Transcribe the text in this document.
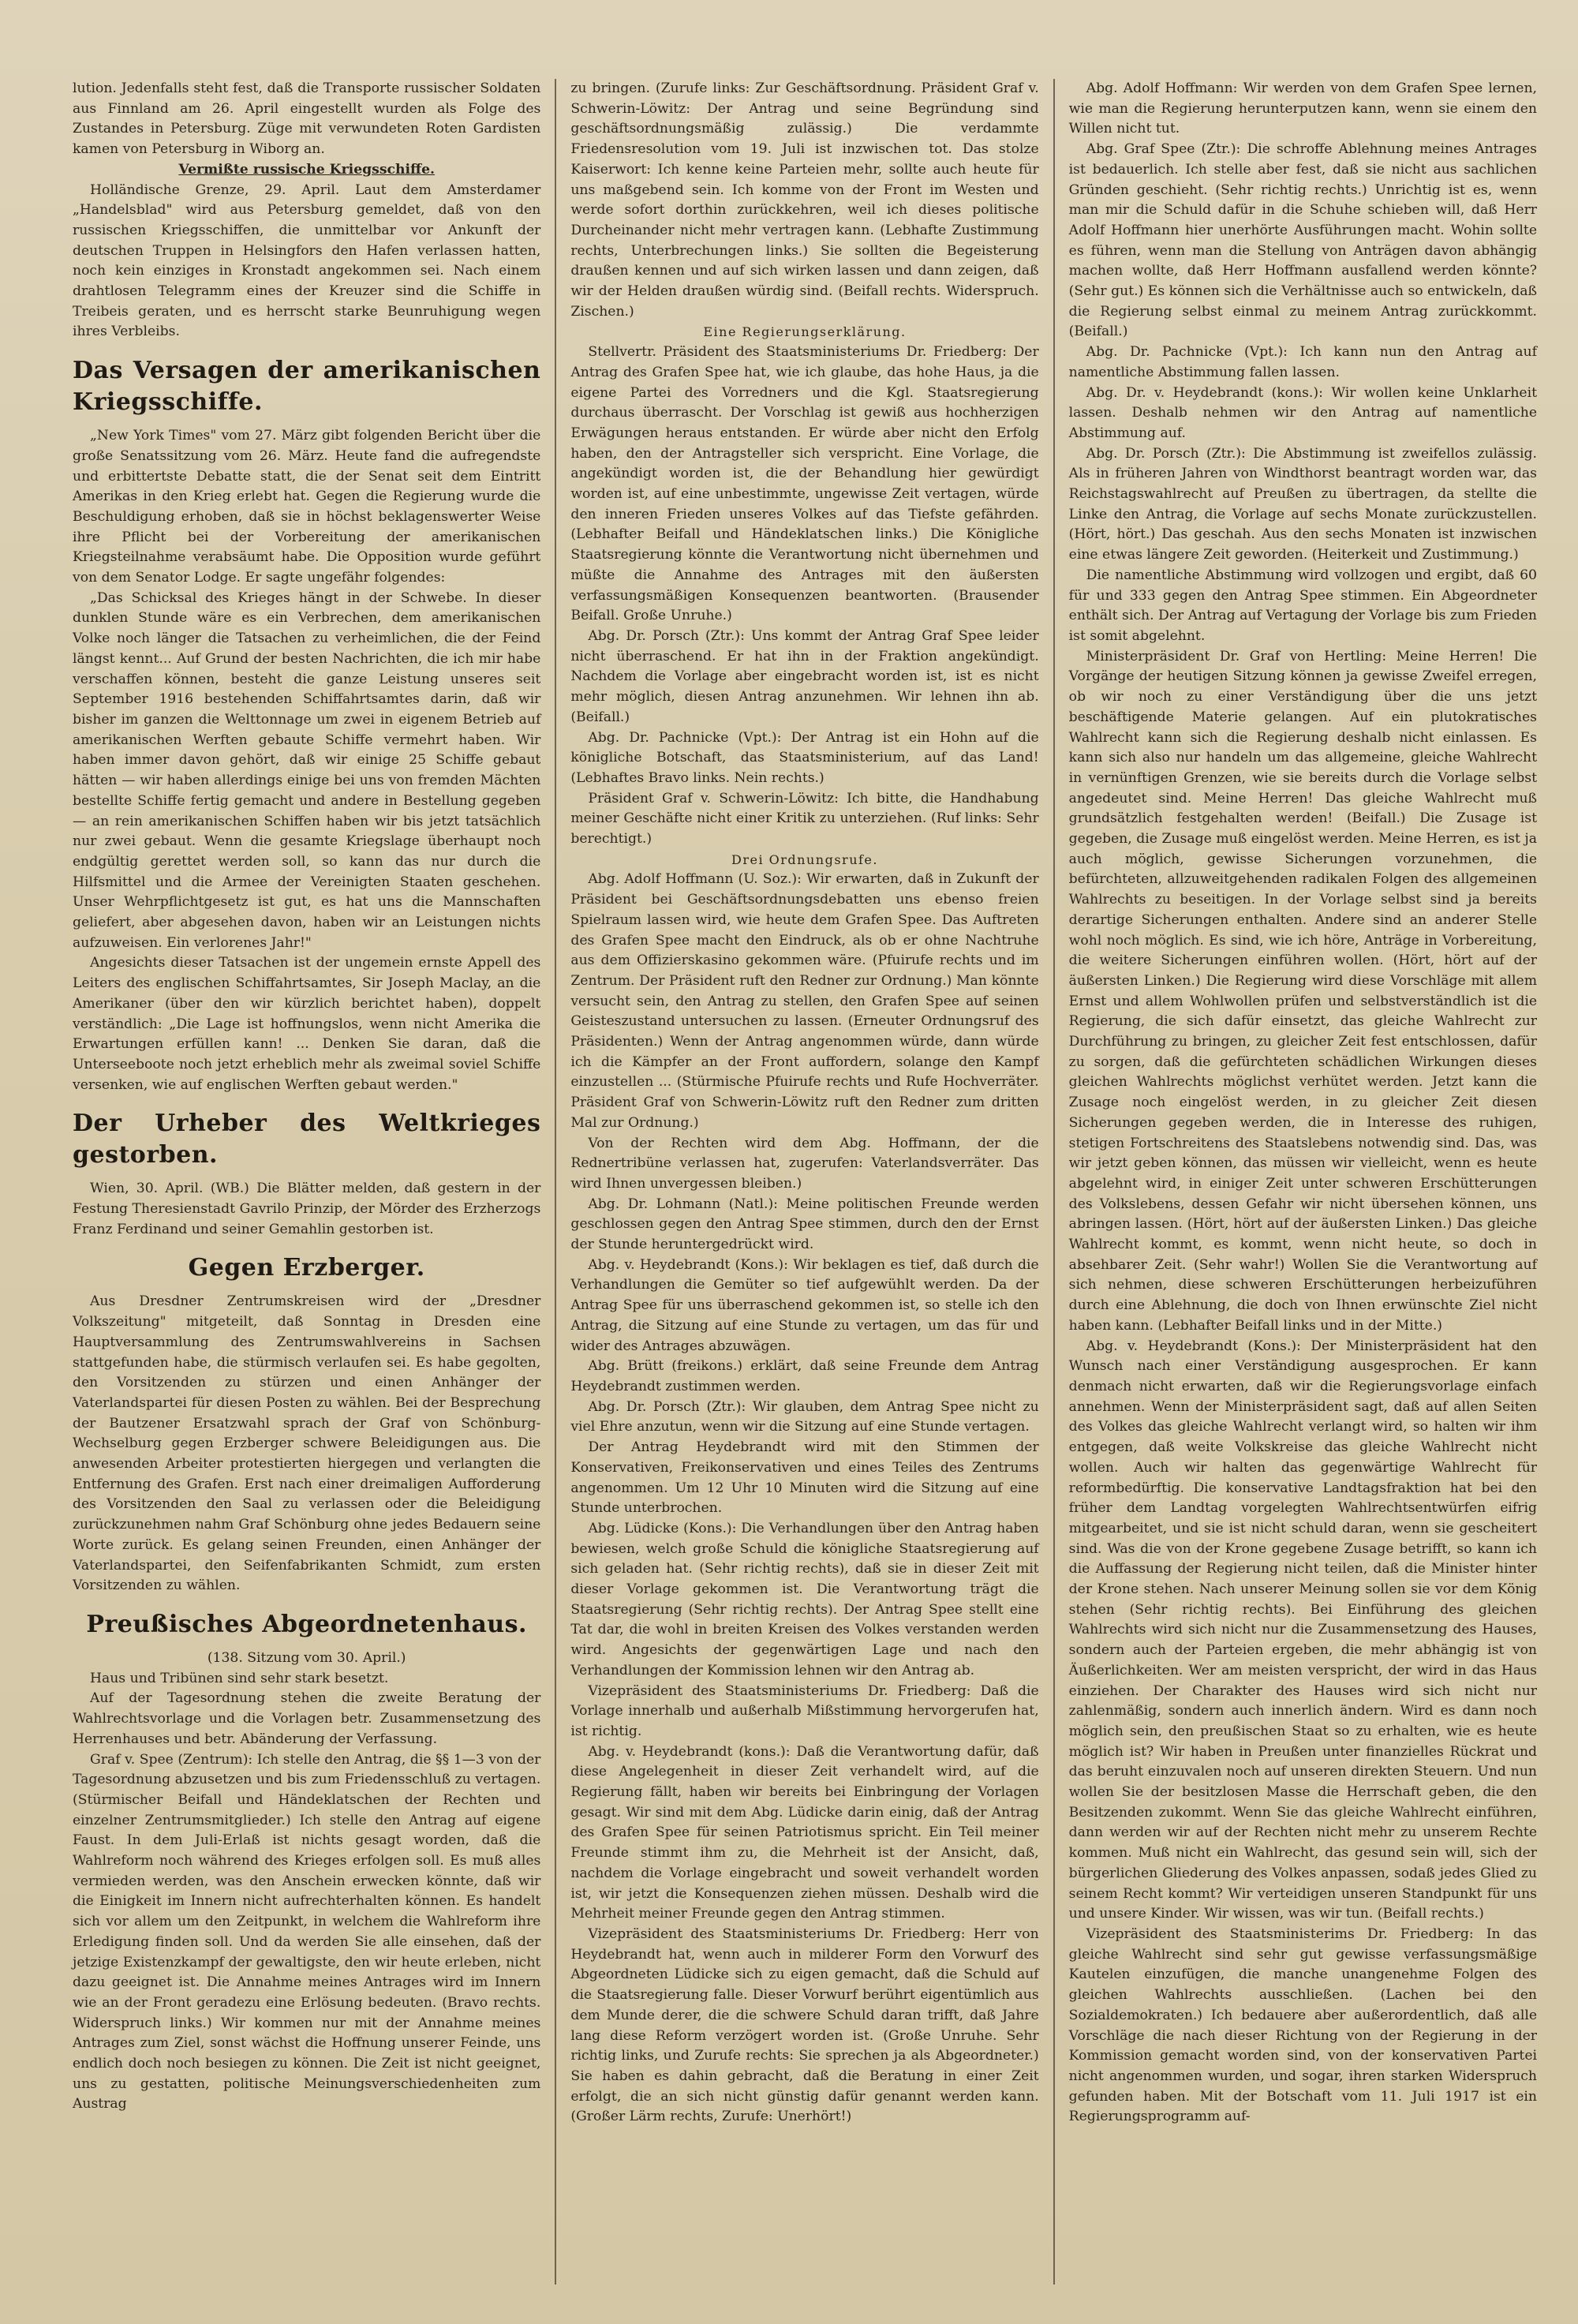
lution. Jedenfalls steht fest, daß die Transporte russischer Soldaten aus Finnland am 26. April eingestellt wurden als Folge des Zustandes in Petersburg. Züge mit verwundeten Roten Gardisten kamen von Petersburg in Wiborg an.

Vermißte russische Kriegsschiffe.

Holländische Grenze, 29. April. Laut dem Amsterdamer „Handelsblad" wird aus Petersburg gemeldet, daß von den russischen Kriegsschiffen, die unmittelbar vor Ankunft der deutschen Truppen in Helsingfors den Hafen verlassen hatten, noch kein einziges in Kronstadt angekommen sei. Nach einem drahtlosen Telegramm eines der Kreuzer sind die Schiffe in Treibeis geraten, und es herrscht starke Beunruhigung wegen ihres Verbleibs.

Das Versagen der amerikanischen Kriegsschiffe.

„New York Times" vom 27. März gibt folgenden Bericht über die große Senatssitzung vom 26. März. Heute fand die aufregendste und erbittertste Debatte statt, die der Senat seit dem Eintritt Amerikas in den Krieg erlebt hat. Gegen die Regierung wurde die Beschuldigung erhoben, daß sie in höchst beklagenswerter Weise ihre Pflicht bei der Vorbereitung der amerikanischen Kriegsteilnahme verabsäumt habe. Die Opposition wurde geführt von dem Senator Lodge. Er sagte ungefähr folgendes:

„Das Schicksal des Krieges hängt in der Schwebe. In dieser dunklen Stunde wäre es ein Verbrechen, dem amerikanischen Volke noch länger die Tatsachen zu verheimlichen, die der Feind längst kennt... Auf Grund der besten Nachrichten, die ich mir habe verschaffen können, besteht die ganze Leistung unseres seit September 1916 bestehenden Schiffahrtsamtes darin, daß wir bisher im ganzen die Welttonnage um zwei in eigenem Betrieb auf amerikanischen Werften gebaute Schiffe vermehrt haben. Wir haben immer davon gehört, daß wir einige 25 Schiffe gebaut hätten — wir haben allerdings einige bei uns von fremden Mächten bestellte Schiffe fertig gemacht und andere in Bestellung gegeben — an rein amerikanischen Schiffen haben wir bis jetzt tatsächlich nur zwei gebaut. Wenn die gesamte Kriegslage überhaupt noch endgültig gerettet werden soll, so kann das nur durch die Hilfsmittel und die Armee der Vereinigten Staaten geschehen. Unser Wehrpflichtgesetz ist gut, es hat uns die Mannschaften geliefert, aber abgesehen davon, haben wir an Leistungen nichts aufzuweisen. Ein verlorenes Jahr!"

Angesichts dieser Tatsachen ist der ungemein ernste Appell des Leiters des englischen Schiffahrtsamtes, Sir Joseph Maclay, an die Amerikaner (über den wir kürzlich berichtet haben), doppelt verständlich: „Die Lage ist hoffnungslos, wenn nicht Amerika die Erwartungen erfüllen kann! ... Denken Sie daran, daß die Unterseeboote noch jetzt erheblich mehr als zweimal soviel Schiffe versenken, wie auf englischen Werften gebaut werden."

Der Urheber des Weltkrieges gestorben.

Wien, 30. April. (WB.) Die Blätter melden, daß gestern in der Festung Theresienstadt Gavrilo Prinzip, der Mörder des Erzherzogs Franz Ferdinand und seiner Gemahlin gestorben ist.

Gegen Erzberger.

Aus Dresdner Zentrumskreisen wird der „Dresdner Volkszeitung" mitgeteilt, daß Sonntag in Dresden eine Hauptversammlung des Zentrumswahlvereins in Sachsen stattgefunden habe, die stürmisch verlaufen sei. Es habe gegolten, den Vorsitzenden zu stürzen und einen Anhänger der Vaterlandspartei für diesen Posten zu wählen. Bei der Besprechung der Bautzener Ersatzwahl sprach der Graf von Schönburg-Wechselburg gegen Erzberger schwere Beleidigungen aus. Die anwesenden Arbeiter protestierten hiergegen und verlangten die Entfernung des Grafen. Erst nach einer dreimaligen Aufforderung des Vorsitzenden den Saal zu verlassen oder die Beleidigung zurückzunehmen nahm Graf Schönburg ohne jedes Bedauern seine Worte zurück. Es gelang seinen Freunden, einen Anhänger der Vaterlandspartei, den Seifenfabrikanten Schmidt, zum ersten Vorsitzenden zu wählen.

Preußisches Abgeordnetenhaus.

(138. Sitzung vom 30. April.)

Haus und Tribünen sind sehr stark besetzt.

Auf der Tagesordnung stehen die zweite Beratung der Wahlrechtsvorlage und die Vorlagen betr. Zusammensetzung des Herrenhauses und betr. Abänderung der Verfassung.

Graf v. Spee (Zentrum): Ich stelle den Antrag, die §§ 1—3 von der Tagesordnung abzusetzen und bis zum Friedensschluß zu vertagen. (Stürmischer Beifall und Händeklatschen der Rechten und einzelner Zentrumsmitglieder.) Ich stelle den Antrag auf eigene Faust. In dem Juli-Erlaß ist nichts gesagt worden, daß die Wahlreform noch während des Krieges erfolgen soll. Es muß alles vermieden werden, was den Anschein erwecken könnte, daß wir die Einigkeit im Innern nicht aufrechterhalten können. Es handelt sich vor allem um den Zeitpunkt, in welchem die Wahlreform ihre Erledigung finden soll. Und da werden Sie alle einsehen, daß der jetzige Existenzkampf der gewaltigste, den wir heute erleben, nicht dazu geeignet ist. Die Annahme meines Antrages wird im Innern wie an der Front geradezu eine Erlösung bedeuten. (Bravo rechts. Widerspruch links.) Wir kommen nur mit der Annahme meines Antrages zum Ziel, sonst wächst die Hoffnung unserer Feinde, uns endlich doch noch besiegen zu können. Die Zeit ist nicht geeignet, uns zu gestatten, politische Meinungsverschiedenheiten zum Austrag

zu bringen. (Zurufe links: Zur Geschäftsordnung. Präsident Graf v. Schwerin-Löwitz: Der Antrag und seine Begründung sind geschäftsordnungsmäßig zulässig.) Die verdammte Friedensresolution vom 19. Juli ist inzwischen tot. Das stolze Kaiserwort: Ich kenne keine Parteien mehr, sollte auch heute für uns maßgebend sein. Ich komme von der Front im Westen und werde sofort dorthin zurückkehren, weil ich dieses politische Durcheinander nicht mehr vertragen kann. (Lebhafte Zustimmung rechts, Unterbrechungen links.) Sie sollten die Begeisterung draußen kennen und auf sich wirken lassen und dann zeigen, daß wir der Helden draußen würdig sind. (Beifall rechts. Widerspruch. Zischen.)

Eine Regierungserklärung.

Stellvertr. Präsident des Staatsministeriums Dr. Friedberg: Der Antrag des Grafen Spee hat, wie ich glaube, das hohe Haus, ja die eigene Partei des Vorredners und die Kgl. Staatsregierung durchaus überrascht. Der Vorschlag ist gewiß aus hochherzigen Erwägungen heraus entstanden. Er würde aber nicht den Erfolg haben, den der Antragsteller sich verspricht. Eine Vorlage, die angekündigt worden ist, die der Behandlung hier gewürdigt worden ist, auf eine unbestimmte, ungewisse Zeit vertagen, würde den inneren Frieden unseres Volkes auf das Tiefste gefährden. (Lebhafter Beifall und Händeklatschen links.) Die Königliche Staatsregierung könnte die Verantwortung nicht übernehmen und müßte die Annahme des Antrages mit den äußersten verfassungsmäßigen Konsequenzen beantworten. (Brausender Beifall. Große Unruhe.)

Abg. Dr. Porsch (Ztr.): Uns kommt der Antrag Graf Spee leider nicht überraschend. Er hat ihn in der Fraktion angekündigt. Nachdem die Vorlage aber eingebracht worden ist, ist es nicht mehr möglich, diesen Antrag anzunehmen. Wir lehnen ihn ab. (Beifall.)

Abg. Dr. Pachnicke (Vpt.): Der Antrag ist ein Hohn auf die königliche Botschaft, das Staatsministerium, auf das Land! (Lebhaftes Bravo links. Nein rechts.)

Präsident Graf v. Schwerin-Löwitz: Ich bitte, die Handhabung meiner Geschäfte nicht einer Kritik zu unterziehen. (Ruf links: Sehr berechtigt.)

Drei Ordnungsrufe.

Abg. Adolf Hoffmann (U. Soz.): Wir erwarten, daß in Zukunft der Präsident bei Geschäftsordnungsdebatten uns ebenso freien Spielraum lassen wird, wie heute dem Grafen Spee. Das Auftreten des Grafen Spee macht den Eindruck, als ob er ohne Nachtruhe aus dem Offizierskasino gekommen wäre. (Pfuirufe rechts und im Zentrum. Der Präsident ruft den Redner zur Ordnung.) Man könnte versucht sein, den Antrag zu stellen, den Grafen Spee auf seinen Geisteszustand untersuchen zu lassen. (Erneuter Ordnungsruf des Präsidenten.) Wenn der Antrag angenommen würde, dann würde ich die Kämpfer an der Front auffordern, solange den Kampf einzustellen ... (Stürmische Pfuirufe rechts und Rufe Hochverräter. Präsident Graf von Schwerin-Löwitz ruft den Redner zum dritten Mal zur Ordnung.)

Von der Rechten wird dem Abg. Hoffmann, der die Rednertribüne verlassen hat, zugerufen: Vaterlandsverräter. Das wird Ihnen unvergessen bleiben.)

Abg. Dr. Lohmann (Natl.): Meine politischen Freunde werden geschlossen gegen den Antrag Spee stimmen, durch den der Ernst der Stunde heruntergedrückt wird.

Abg. v. Heydebrandt (Kons.): Wir beklagen es tief, daß durch die Verhandlungen die Gemüter so tief aufgewühlt werden. Da der Antrag Spee für uns überraschend gekommen ist, so stelle ich den Antrag, die Sitzung auf eine Stunde zu vertagen, um das für und wider des Antrages abzuwägen.

Abg. Brütt (freikons.) erklärt, daß seine Freunde dem Antrag Heydebrandt zustimmen werden.

Abg. Dr. Porsch (Ztr.): Wir glauben, dem Antrag Spee nicht zu viel Ehre anzutun, wenn wir die Sitzung auf eine Stunde vertagen.

Der Antrag Heydebrandt wird mit den Stimmen der Konservativen, Freikonservativen und eines Teiles des Zentrums angenommen. Um 12 Uhr 10 Minuten wird die Sitzung auf eine Stunde unterbrochen.

Abg. Lüdicke (Kons.): Die Verhandlungen über den Antrag haben bewiesen, welch große Schuld die königliche Staatsregierung auf sich geladen hat. (Sehr richtig rechts), daß sie in dieser Zeit mit dieser Vorlage gekommen ist. Die Verantwortung trägt die Staatsregierung (Sehr richtig rechts). Der Antrag Spee stellt eine Tat dar, die wohl in breiten Kreisen des Volkes verstanden werden wird. Angesichts der gegenwärtigen Lage und nach den Verhandlungen der Kommission lehnen wir den Antrag ab.

Vizepräsident des Staatsministeriums Dr. Friedberg: Daß die Vorlage innerhalb und außerhalb Mißstimmung hervorgerufen hat, ist richtig.

Abg. v. Heydebrandt (kons.): Daß die Verantwortung dafür, daß diese Angelegenheit in dieser Zeit verhandelt wird, auf die Regierung fällt, haben wir bereits bei Einbringung der Vorlagen gesagt. Wir sind mit dem Abg. Lüdicke darin einig, daß der Antrag des Grafen Spee für seinen Patriotismus spricht. Ein Teil meiner Freunde stimmt ihm zu, die Mehrheit ist der Ansicht, daß, nachdem die Vorlage eingebracht und soweit verhandelt worden ist, wir jetzt die Konsequenzen ziehen müssen. Deshalb wird die Mehrheit meiner Freunde gegen den Antrag stimmen.

Vizepräsident des Staatsministeriums Dr. Friedberg: Herr von Heydebrandt hat, wenn auch in milderer Form den Vorwurf des Abgeordneten Lüdicke sich zu eigen gemacht, daß die Schuld auf die Staatsregierung falle. Dieser Vorwurf berührt eigentümlich aus dem Munde derer, die die schwere Schuld daran trifft, daß Jahre lang diese Reform verzögert worden ist. (Große Unruhe. Sehr richtig links, und Zurufe rechts: Sie sprechen ja als Abgeordneter.) Sie haben es dahin gebracht, daß die Beratung in einer Zeit erfolgt, die an sich nicht günstig dafür genannt werden kann. (Großer Lärm rechts, Zurufe: Unerhört!)

Abg. Adolf Hoffmann: Wir werden von dem Grafen Spee lernen, wie man die Regierung herunterputzen kann, wenn sie einem den Willen nicht tut.

Abg. Graf Spee (Ztr.): Die schroffe Ablehnung meines Antrages ist bedauerlich. Ich stelle aber fest, daß sie nicht aus sachlichen Gründen geschieht. (Sehr richtig rechts.) Unrichtig ist es, wenn man mir die Schuld dafür in die Schuhe schieben will, daß Herr Adolf Hoffmann hier unerhörte Ausführungen macht. Wohin sollte es führen, wenn man die Stellung von Anträgen davon abhängig machen wollte, daß Herr Hoffmann ausfallend werden könnte? (Sehr gut.) Es können sich die Verhältnisse auch so entwickeln, daß die Regierung selbst einmal zu meinem Antrag zurückkommt. (Beifall.)

Abg. Dr. Pachnicke (Vpt.): Ich kann nun den Antrag auf namentliche Abstimmung fallen lassen.

Abg. Dr. v. Heydebrandt (kons.): Wir wollen keine Unklarheit lassen. Deshalb nehmen wir den Antrag auf namentliche Abstimmung auf.

Abg. Dr. Porsch (Ztr.): Die Abstimmung ist zweifellos zulässig. Als in früheren Jahren von Windthorst beantragt worden war, das Reichstagswahlrecht auf Preußen zu übertragen, da stellte die Linke den Antrag, die Vorlage auf sechs Monate zurückzustellen. (Hört, hört.) Das geschah. Aus den sechs Monaten ist inzwischen eine etwas längere Zeit geworden. (Heiterkeit und Zustimmung.)

Die namentliche Abstimmung wird vollzogen und ergibt, daß 60 für und 333 gegen den Antrag Spee stimmen. Ein Abgeordneter enthält sich. Der Antrag auf Vertagung der Vorlage bis zum Frieden ist somit abgelehnt.

Ministerpräsident Dr. Graf von Hertling: Meine Herren! Die Vorgänge der heutigen Sitzung können ja gewisse Zweifel erregen, ob wir noch zu einer Verständigung über die uns jetzt beschäftigende Materie gelangen. Auf ein plutokratisches Wahlrecht kann sich die Regierung deshalb nicht einlassen. Es kann sich also nur handeln um das allgemeine, gleiche Wahlrecht in vernünftigen Grenzen, wie sie bereits durch die Vorlage selbst angedeutet sind. Meine Herren! Das gleiche Wahlrecht muß grundsätzlich festgehalten werden! (Beifall.) Die Zusage ist gegeben, die Zusage muß eingelöst werden. Meine Herren, es ist ja auch möglich, gewisse Sicherungen vorzunehmen, die befürchteten, allzuweitgehenden radikalen Folgen des allgemeinen Wahlrechts zu beseitigen. In der Vorlage selbst sind ja bereits derartige Sicherungen enthalten. Andere sind an anderer Stelle wohl noch möglich. Es sind, wie ich höre, Anträge in Vorbereitung, die weitere Sicherungen einführen wollen. (Hört, hört auf der äußersten Linken.) Die Regierung wird diese Vorschläge mit allem Ernst und allem Wohlwollen prüfen und selbstverständlich ist die Regierung, die sich dafür einsetzt, das gleiche Wahlrecht zur Durchführung zu bringen, zu gleicher Zeit fest entschlossen, dafür zu sorgen, daß die gefürchteten schädlichen Wirkungen dieses gleichen Wahlrechts möglichst verhütet werden. Jetzt kann die Zusage noch eingelöst werden, in zu gleicher Zeit diesen Sicherungen gegeben werden, die in Interesse des ruhigen, stetigen Fortschreitens des Staatslebens notwendig sind. Das, was wir jetzt geben können, das müssen wir vielleicht, wenn es heute abgelehnt wird, in einiger Zeit unter schweren Erschütterungen des Volkslebens, dessen Gefahr wir nicht übersehen können, uns abringen lassen. (Hört, hört auf der äußersten Linken.) Das gleiche Wahlrecht kommt, es kommt, wenn nicht heute, so doch in absehbarer Zeit. (Sehr wahr!) Wollen Sie die Verantwortung auf sich nehmen, diese schweren Erschütterungen herbeizuführen durch eine Ablehnung, die doch von Ihnen erwünschte Ziel nicht haben kann. (Lebhafter Beifall links und in der Mitte.)

Abg. v. Heydebrandt (Kons.): Der Ministerpräsident hat den Wunsch nach einer Verständigung ausgesprochen. Er kann denmach nicht erwarten, daß wir die Regierungsvorlage einfach annehmen. Wenn der Ministerpräsident sagt, daß auf allen Seiten des Volkes das gleiche Wahlrecht verlangt wird, so halten wir ihm entgegen, daß weite Volkskreise das gleiche Wahlrecht nicht wollen. Auch wir halten das gegenwärtige Wahlrecht für reformbedürftig. Die konservative Landtagsfraktion hat bei den früher dem Landtag vorgelegten Wahlrechtsentwürfen eifrig mitgearbeitet, und sie ist nicht schuld daran, wenn sie gescheitert sind. Was die von der Krone gegebene Zusage betrifft, so kann ich die Auffassung der Regierung nicht teilen, daß die Minister hinter der Krone stehen. Nach unserer Meinung sollen sie vor dem König stehen (Sehr richtig rechts). Bei Einführung des gleichen Wahlrechts wird sich nicht nur die Zusammensetzung des Hauses, sondern auch der Parteien ergeben, die mehr abhängig ist von Äußerlichkeiten. Wer am meisten verspricht, der wird in das Haus einziehen. Der Charakter des Hauses wird sich nicht nur zahlenmäßig, sondern auch innerlich ändern. Wird es dann noch möglich sein, den preußischen Staat so zu erhalten, wie es heute möglich ist? Wir haben in Preußen unter finanzielles Rückrat und das beruht einzuvalen noch auf unseren direkten Steuern. Und nun wollen Sie der besitzlosen Masse die Herrschaft geben, die den Besitzenden zukommt. Wenn Sie das gleiche Wahlrecht einführen, dann werden wir auf der Rechten nicht mehr zu unserem Rechte kommen. Muß nicht ein Wahlrecht, das gesund sein will, sich der bürgerlichen Gliederung des Volkes anpassen, sodaß jedes Glied zu seinem Recht kommt? Wir verteidigen unseren Standpunkt für uns und unsere Kinder. Wir wissen, was wir tun. (Beifall rechts.)

Vizepräsident des Staatsministerims Dr. Friedberg: In das gleiche Wahlrecht sind sehr gut gewisse verfassungsmäßige Kautelen einzufügen, die manche unangenehme Folgen des gleichen Wahlrechts ausschließen. (Lachen bei den Sozialdemokraten.) Ich bedauere aber außerordentlich, daß alle Vorschläge die nach dieser Richtung von der Regierung in der Kommission gemacht worden sind, von der konservativen Partei nicht angenommen wurden, und sogar, ihren starken Widerspruch gefunden haben. Mit der Botschaft vom 11. Juli 1917 ist ein Regierungsprogramm auf-
